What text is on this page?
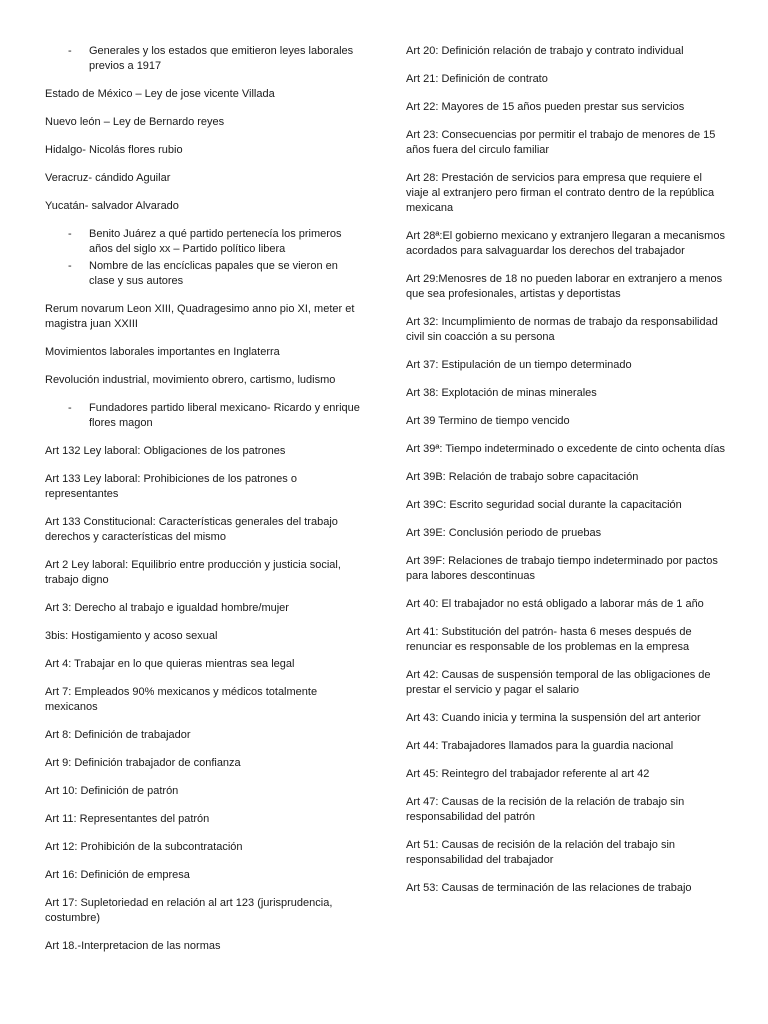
- Generales y los estados que emitieron leyes laborales previos a 1917

Estado de México – Ley de jose vicente Villada

Nuevo león – Ley de Bernardo reyes

Hidalgo- Nicolás flores rubio

Veracruz- cándido Aguilar

Yucatán- salvador Alvarado

- Benito Juárez a qué partido pertenecía los primeros años del siglo xx – Partido político libera
- Nombre de las encíclicas papales que se vieron en clase y sus autores

Rerum novarum Leon XIII, Quadragesimo anno pio XI, meter et magistra juan XXIII

Movimientos laborales importantes en Inglaterra

Revolución industrial, movimiento obrero, cartismo, ludismo

- Fundadores partido liberal mexicano- Ricardo y enrique flores magon

Art 132 Ley laboral: Obligaciones de los patrones

Art 133 Ley laboral: Prohibiciones de los patrones o representantes

Art 133 Constitucional: Características generales del trabajo derechos y características del mismo

Art 2 Ley laboral: Equilibrio entre producción y justicia social, trabajo digno

Art 3: Derecho al trabajo e igualdad hombre/mujer

3bis: Hostigamiento y acoso sexual

Art 4: Trabajar en lo que quieras mientras sea legal

Art 7: Empleados 90% mexicanos y médicos totalmente mexicanos

Art 8: Definición de trabajador

Art 9: Definición trabajador de confianza

Art 10: Definición de patrón

Art 11: Representantes del patrón

Art 12: Prohibición de la subcontratación

Art 16: Definición de empresa

Art 17: Supletoriedad en relación al art 123 (jurisprudencia, costumbre)

Art 18.-Interpretacion de las normas

Art 20: Definición relación de trabajo y contrato individual

Art 21: Definición de contrato

Art 22: Mayores de 15 años pueden prestar sus servicios

Art 23: Consecuencias por permitir el trabajo de menores de 15 años fuera del circulo familiar

Art 28: Prestación de servicios para empresa que requiere el viaje al extranjero pero firman el contrato dentro de la república mexicana

Art 28ª:El gobierno mexicano y extranjero llegaran a mecanismos acordados para salvaguardar los derechos del trabajador

Art 29:Menosres de 18 no pueden laborar en extranjero a menos que sea profesionales, artistas y deportistas

Art 32: Incumplimiento de normas de trabajo da responsabilidad civil sin coacción a su persona

Art 37: Estipulación de un tiempo determinado

Art 38: Explotación de minas minerales

Art 39 Termino de tiempo vencido

Art 39ª: Tiempo indeterminado o excedente de cinto ochenta días

Art 39B: Relación de trabajo sobre capacitación

Art 39C: Escrito seguridad social durante la capacitación

Art 39E: Conclusión periodo de pruebas

Art 39F: Relaciones de trabajo tiempo indeterminado por pactos para labores descontinuas

Art 40: El trabajador no está obligado a laborar más de 1 año

Art 41: Substitución del patrón- hasta 6 meses después de renunciar es responsable de los problemas en la empresa

Art 42: Causas de suspensión temporal de las obligaciones de prestar el servicio y pagar el salario

Art 43: Cuando inicia y termina la suspensión del art anterior

Art 44: Trabajadores llamados para la guardia nacional

Art 45: Reintegro del trabajador referente al art 42

Art 47: Causas de la recisión de la relación de trabajo sin responsabilidad del patrón

Art 51: Causas de recisión de la relación del trabajo sin responsabilidad del trabajador

Art 53: Causas de terminación de las relaciones de trabajo
